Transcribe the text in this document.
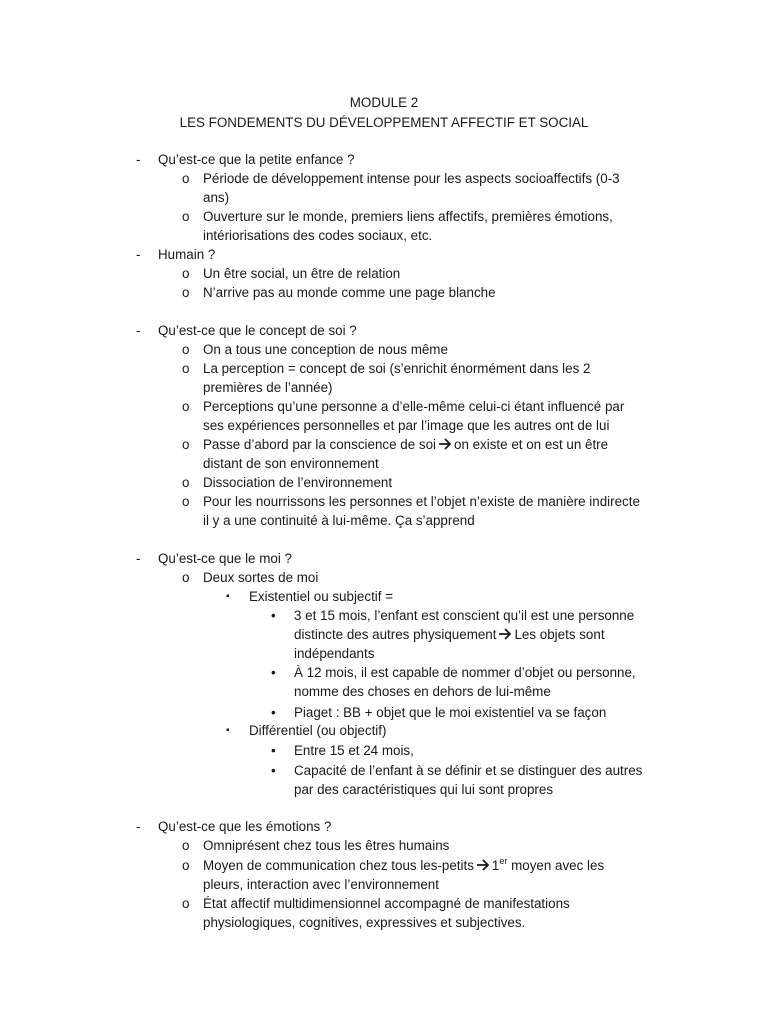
MODULE 2
LES FONDEMENTS DU DÉVELOPPEMENT AFFECTIF ET SOCIAL
- Qu’est-ce que la petite enfance ?
o Période de développement intense pour les aspects socioaffectifs (0-3
ans)
o Ouverture sur le monde, premiers liens affectifs, premières émotions,
intériorisations des codes sociaux, etc.
- Humain ?
o Un être social, un être de relation
o N’arrive pas au monde comme une page blanche
- Qu’est-ce que le concept de soi ?
o On a tous une conception de nous même
o La perception = concept de soi (s’enrichit énormément dans les 2
premières de l’année)
o Perceptions qu’une personne a d’elle-même celui-ci étant influencé par
ses expériences personnelles et par l’image que les autres ont de lui
o Passe d’abord par la conscience de soi on existe et on est un être
distant de son environnement
o Dissociation de l’environnement
o Pour les nourrissons les personnes et l’objet n’existe de manière indirecte
il y a une continuité à lui-même. Ça s’apprend
- Qu’est-ce que le moi ?
o Deux sortes de moi
▪ Existentiel ou subjectif =
• 3 et 15 mois, l’enfant est conscient qu’il est une personne
distincte des autres physiquement Les objets sont
indépendants
• À 12 mois, il est capable de nommer d’objet ou personne,
nomme des choses en dehors de lui-même
• Piaget : BB + objet que le moi existentiel va se façon
▪ Différentiel (ou objectif)
• Entre 15 et 24 mois,
• Capacité de l’enfant à se définir et se distinguer des autres
par des caractéristiques qui lui sont propres
- Qu’est-ce que les émotions ?
o Omniprésent chez tous les êtres humains
o Moyen de communication chez tous les-petits 1er moyen avec les
pleurs, interaction avec l’environnement
o État affectif multidimensionnel accompagné de manifestations
physiologiques, cognitives, expressives et subjectives.
